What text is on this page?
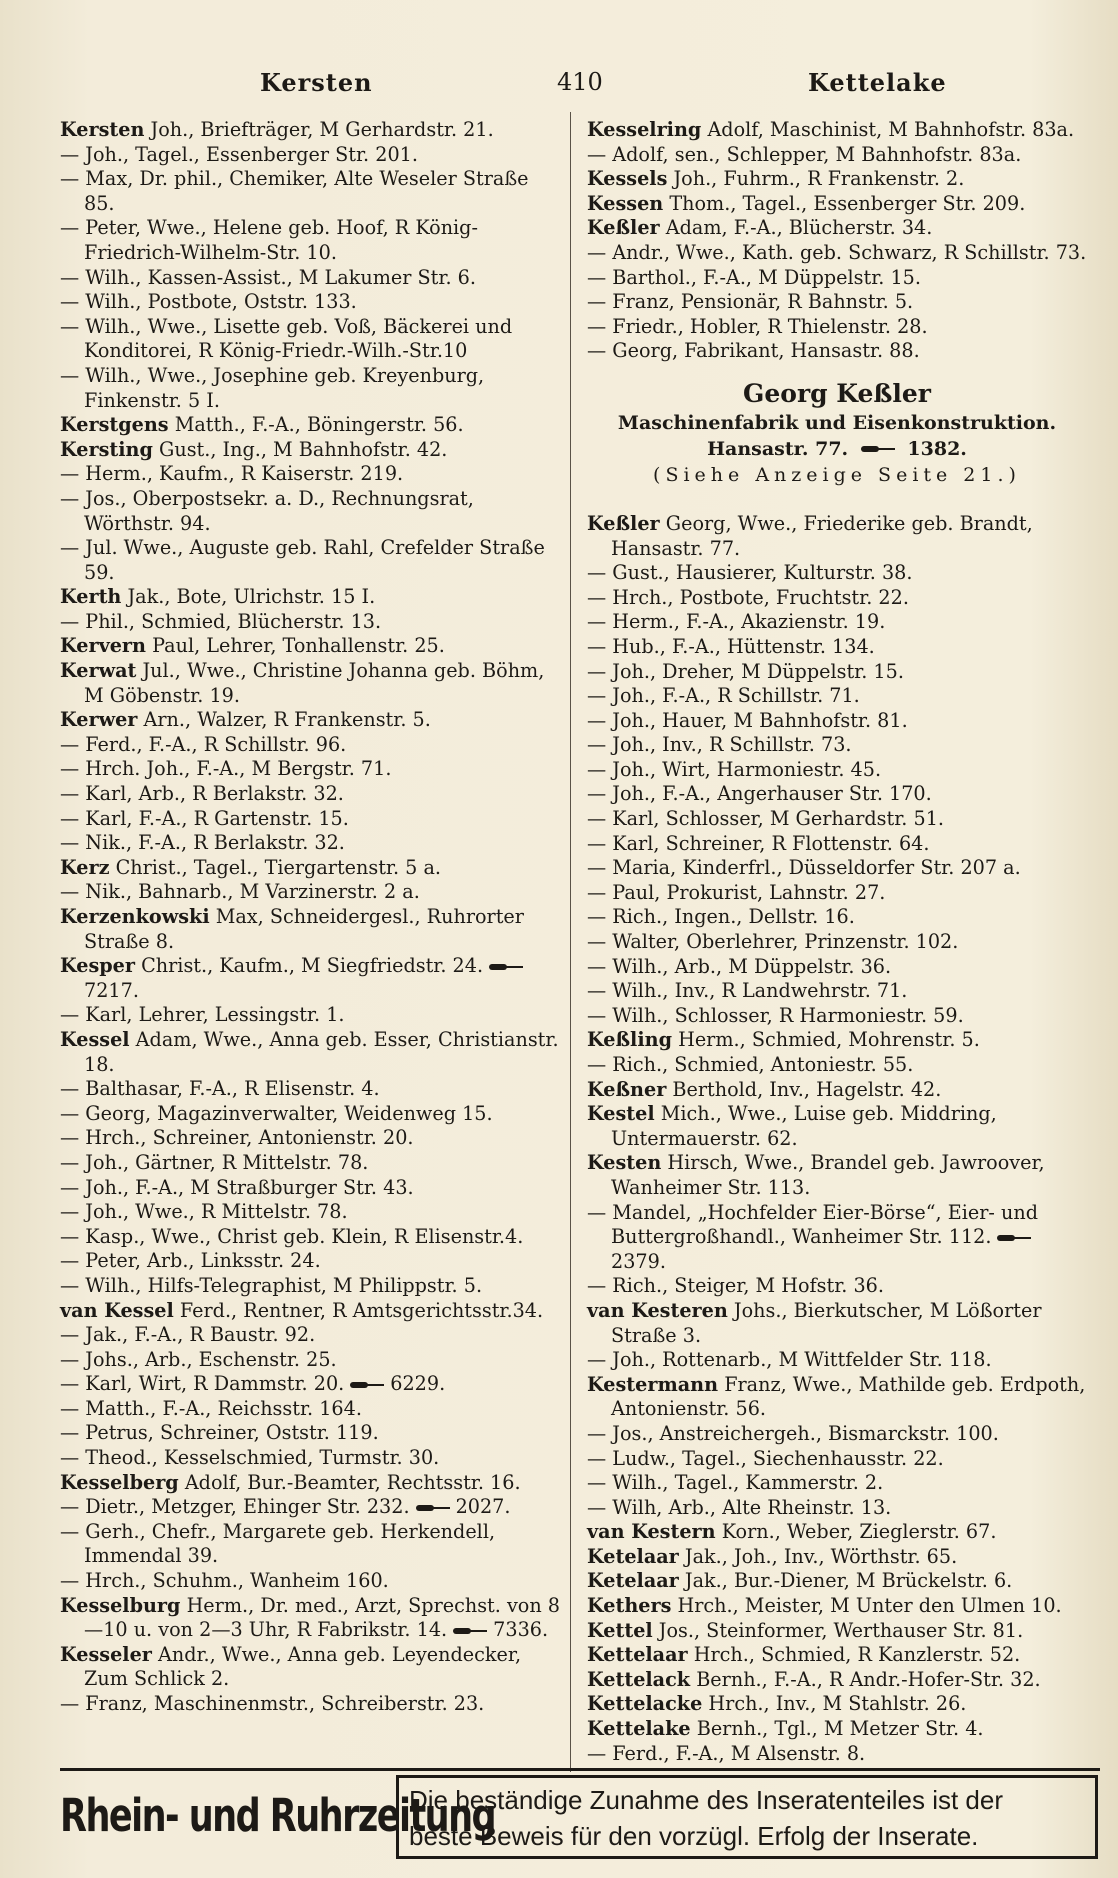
Kersten	410	Kettelake

Kersten Joh., Briefträger, M Gerhardstr. 21.

— Joh., Tagel., Essenberger Str. 201.

— Max, Dr. phil., Chemiker, Alte Weseler Straße 85.

— Peter, Wwe., Helene geb. Hoof, R König-Friedrich-Wilhelm-Str. 10.

— Wilh., Kassen-Assist., M Lakumer Str. 6.

— Wilh., Postbote, Oststr. 133.

— Wilh., Wwe., Lisette geb. Voß, Bäckerei und Konditorei, R König-Friedr.-Wilh.-Str.10

— Wilh., Wwe., Josephine geb. Kreyenburg, Finkenstr. 5 I.

Kerstgens Matth., F.-A., Böningerstr. 56.

Kersting Gust., Ing., M Bahnhofstr. 42.

— Herm., Kaufm., R Kaiserstr. 219.

— Jos., Oberpostsekr. a. D., Rechnungsrat, Wörthstr. 94.

— Jul. Wwe., Auguste geb. Rahl, Crefelder Straße 59.

Kerth Jak., Bote, Ulrichstr. 15 I.

— Phil., Schmied, Blücherstr. 13.

Kervern Paul, Lehrer, Tonhallenstr. 25.

Kerwat Jul., Wwe., Christine Johanna geb. Böhm, M Göbenstr. 19.

Kerwer Arn., Walzer, R Frankenstr. 5.

— Ferd., F.-A., R Schillstr. 96.

— Hrch. Joh., F.-A., M Bergstr. 71.

— Karl, Arb., R Berlakstr. 32.

— Karl, F.-A., R Gartenstr. 15.

— Nik., F.-A., R Berlakstr. 32.

Kerz Christ., Tagel., Tiergartenstr. 5 a.

— Nik., Bahnarb., M Varzinerstr. 2 a.

Kerzenkowski Max, Schneidergesl., Ruhrorter Straße 8.

Kesper Christ., Kaufm., M Siegfriedstr. 24.7217.

— Karl, Lehrer, Lessingstr. 1.

Kessel Adam, Wwe., Anna geb. Esser, Christianstr. 18.

— Balthasar, F.-A., R Elisenstr. 4.

— Georg, Magazinverwalter, Weidenweg 15.

— Hrch., Schreiner, Antonienstr. 20.

— Joh., Gärtner, R Mittelstr. 78.

— Joh., F.-A., M Straßburger Str. 43.

— Joh., Wwe., R Mittelstr. 78.

— Kasp., Wwe., Christ geb. Klein, R Elisenstr.4.

— Peter, Arb., Linksstr. 24.

— Wilh., Hilfs-Telegraphist, M Philippstr. 5.

van Kessel Ferd., Rentner, R Amtsgerichtsstr.34.

— Jak., F.-A., R Baustr. 92.

— Johs., Arb., Eschenstr. 25.

— Karl, Wirt, R Dammstr. 20. 6229.

— Matth., F.-A., Reichsstr. 164.

— Petrus, Schreiner, Oststr. 119.

— Theod., Kesselschmied, Turmstr. 30.

Kesselberg Adolf, Bur.-Beamter, Rechtsstr. 16.

— Dietr., Metzger, Ehinger Str. 232. 2027.

— Gerh., Chefr., Margarete geb. Herkendell, Immendal 39.

— Hrch., Schuhm., Wanheim 160.

Kesselburg Herm., Dr. med., Arzt, Sprechst. von 8—10 u. von 2—3 Uhr, R Fabrikstr. 14. 7336.

Kesseler Andr., Wwe., Anna geb. Leyendecker, Zum Schlick 2.

— Franz, Maschinenmstr., Schreiberstr. 23.

Kesselring Adolf, Maschinist, M Bahnhofstr. 83a.

— Adolf, sen., Schlepper, M Bahnhofstr. 83a.

Kessels Joh., Fuhrm., R Frankenstr. 2.

Kessen Thom., Tagel., Essenberger Str. 209.

Keßler Adam, F.-A., Blücherstr. 34.

— Andr., Wwe., Kath. geb. Schwarz, R Schillstr. 73.

— Barthol., F.-A., M Düppelstr. 15.

— Franz, Pensionär, R Bahnstr. 5.

— Friedr., Hobler, R Thielenstr. 28.

— Georg, Fabrikant, Hansastr. 88.

Georg Keßler
Maschinenfabrik und Eisenkonstruktion.
Hansastr. 77.	1382.
(Siehe Anzeige Seite 21.)

Keßler Georg, Wwe., Friederike geb. Brandt, Hansastr. 77.

— Gust., Hausierer, Kulturstr. 38.

— Hrch., Postbote, Fruchtstr. 22.

— Herm., F.-A., Akazienstr. 19.

— Hub., F.-A., Hüttenstr. 134.

— Joh., Dreher, M Düppelstr. 15.

— Joh., F.-A., R Schillstr. 71.

— Joh., Hauer, M Bahnhofstr. 81.

— Joh., Inv., R Schillstr. 73.

— Joh., Wirt, Harmoniestr. 45.

— Joh., F.-A., Angerhauser Str. 170.

— Karl, Schlosser, M Gerhardstr. 51.

— Karl, Schreiner, R Flottenstr. 64.

— Maria, Kinderfrl., Düsseldorfer Str. 207 a.

— Paul, Prokurist, Lahnstr. 27.

— Rich., Ingen., Dellstr. 16.

— Walter, Oberlehrer, Prinzenstr. 102.

— Wilh., Arb., M Düppelstr. 36.

— Wilh., Inv., R Landwehrstr. 71.

— Wilh., Schlosser, R Harmoniestr. 59.

Keßling Herm., Schmied, Mohrenstr. 5.

— Rich., Schmied, Antoniestr. 55.

Keßner Berthold, Inv., Hagelstr. 42.

Kestel Mich., Wwe., Luise geb. Middring, Untermauerstr. 62.

Kesten Hirsch, Wwe., Brandel geb. Jawroover, Wanheimer Str. 113.

— Mandel, „Hochfelder Eier-Börse“, Eier- und Buttergroßhandl., Wanheimer Str. 112.2379.

— Rich., Steiger, M Hofstr. 36.

van Kesteren Johs., Bierkutscher, M Lößorter Straße 3.

— Joh., Rottenarb., M Wittfelder Str. 118.

Kestermann Franz, Wwe., Mathilde geb. Erdpoth, Antonienstr. 56.

— Jos., Anstreichergeh., Bismarckstr. 100.

— Ludw., Tagel., Siechenhausstr. 22.

— Wilh., Tagel., Kammerstr. 2.

— Wilh, Arb., Alte Rheinstr. 13.

van Kestern Korn., Weber, Zieglerstr. 67.

Ketelaar Jak., Joh., Inv., Wörthstr. 65.

Ketelaar Jak., Bur.-Diener, M Brückelstr. 6.

Kethers Hrch., Meister, M Unter den Ulmen 10.

Kettel Jos., Steinformer, Werthauser Str. 81.

Kettelaar Hrch., Schmied, R Kanzlerstr. 52.

Kettelack Bernh., F.-A., R Andr.-Hofer-Str. 32.

Kettelacke Hrch., Inv., M Stahlstr. 26.

Kettelake Bernh., Tgl., M Metzer Str. 4.

— Ferd., F.-A., M Alsenstr. 8.

Rhein- und Ruhrzeitung
Die beständige Zunahme des Inseratenteiles ist der
beste Beweis für den vorzügl. Erfolg der Inserate.
